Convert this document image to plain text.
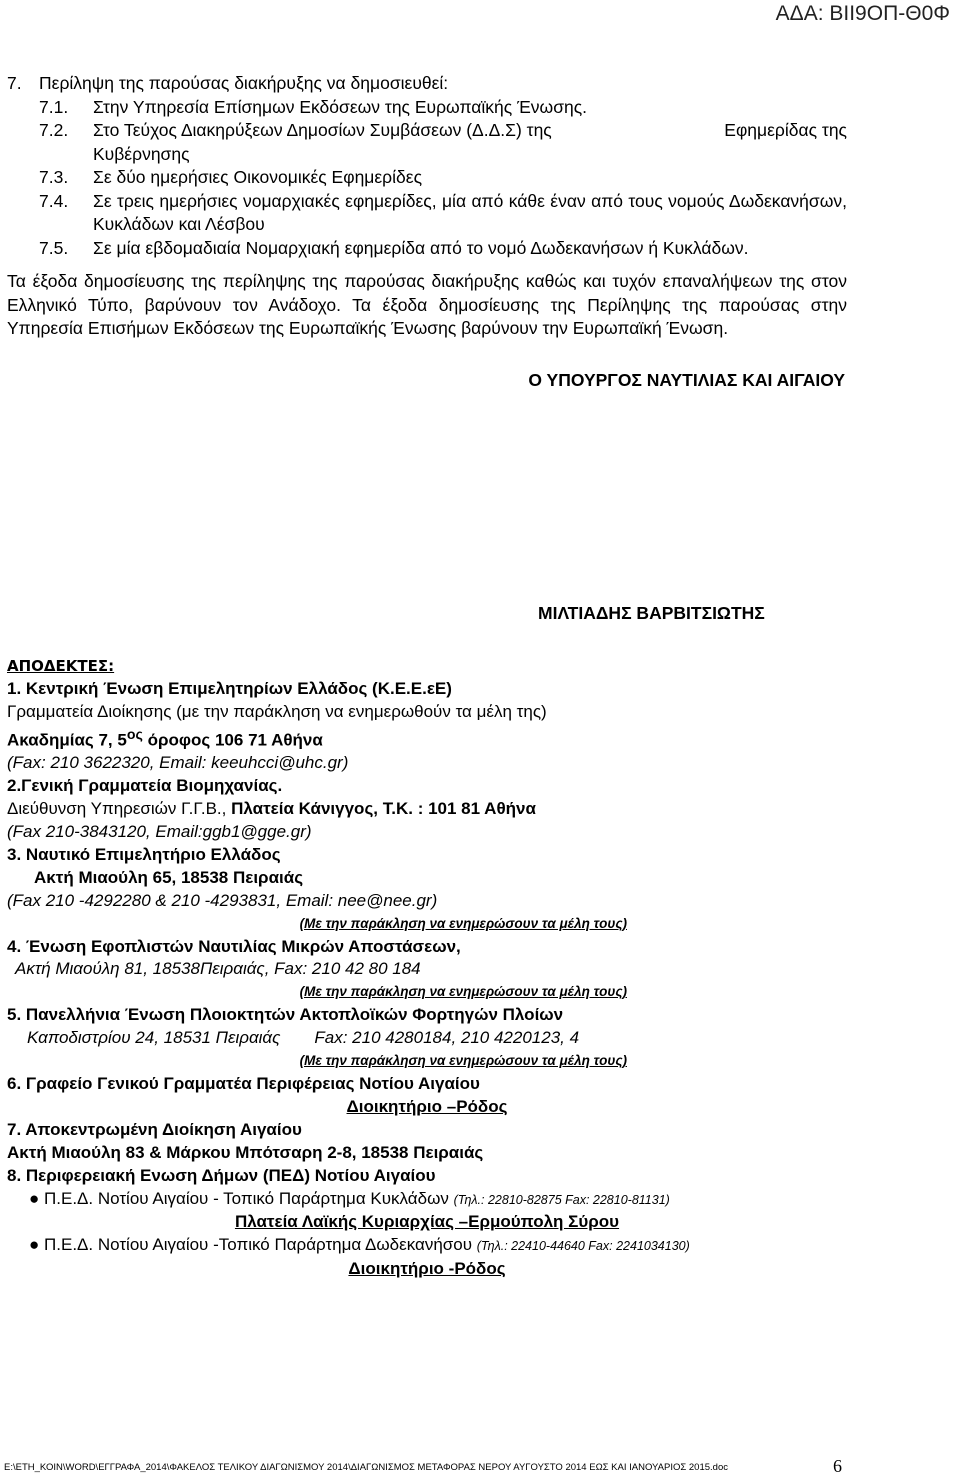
ΑΔΑ: ΒΙΙ9ΟΠ-Θ0Φ
7. Περίληψη της παρούσας διακήρυξης να δημοσιευθεί:
7.1.	Στην Υπηρεσία Επίσημων Εκδόσεων της Ευρωπαϊκής Ένωσης.
7.2.	Στο Τεύχος Διακηρύξεων Δημοσίων Συμβάσεων (Δ.Δ.Σ) της	Εφημερίδας της
Κυβέρνησης
7.3.	Σε δύο ημερήσιες Οικονομικές Εφημερίδες
7.4.	Σε τρεις ημερήσιες νομαρχιακές εφημερίδες, μία από κάθε έναν από τους νομούς Δωδεκανήσων, Κυκλάδων και Λέσβου
7.5.	Σε μία εβδομαδιαία Νομαρχιακή εφημερίδα από το νομό Δωδεκανήσων ή Κυκλάδων.

Τα έξοδα δημοσίευσης της περίληψης της παρούσας διακήρυξης καθώς και τυχόν επαναλήψεων της στον Ελληνικό Τύπο, βαρύνουν τον Ανάδοχο. Τα έξοδα δημοσίευσης της Περίληψης της παρούσας στην Υπηρεσία Επισήμων Εκδόσεων της Ευρωπαϊκής Ένωσης βαρύνουν την Ευρωπαϊκή Ένωση.

Ο ΥΠΟΥΡΓΟΣ ΝΑΥΤΙΛΙΑΣ ΚΑΙ ΑΙΓΑΙΟΥ

ΜΙΛΤΙΑΔΗΣ ΒΑΡΒΙΤΣΙΩΤΗΣ
ΑΠΟΔΕΚΤΕΣ:
1. Κεντρική Ένωση Επιμελητηρίων Ελλάδος (Κ.Ε.Ε.εΕ)
Γραμματεία Διοίκησης (με την παράκληση να ενημερωθούν τα μέλη της)
Ακαδημίας 7, $5^{o\varsigma}$ όροφος 106 71 Αθήνα
(Fax: 210 3622320, Email: keeuhcci@uhc.gr)
2.Γενική Γραμματεία Βιομηχανίας.
Διεύθυνση Υπηρεσιών Γ.Γ.Β., Πλατεία Κάνιγγος, Τ.Κ. : 101 81 Αθήνα
(Fax 210-3843120, Email:ggb1@gge.gr)
3. Ναυτικό Επιμελητήριο Ελλάδος
Ακτή Μιαούλη 65, 18538 Πειραιάς
(Fax 210 -4292280 & 210 -4293831, Email: nee@nee.gr)
(Με την παράκληση να ενημερώσουν τα μέλη τους)
4. Ένωση Εφοπλιστών Ναυτιλίας Μικρών Αποστάσεων,
Ακτή Μιαούλη 81, 18538Πειραιάς, Fax: 210 42 80 184
(Με την παράκληση να ενημερώσουν τα μέλη τους)
5. Πανελλήνια Ένωση Πλοιοκτητών Ακτοπλοϊκών Φορτηγών Πλοίων
Καποδιστρίου 24, 18531 Πειραιάς Fax: 210 4280184, 210 4220123, 4
(Με την παράκληση να ενημερώσουν τα μέλη τους)
6. Γραφείο Γενικού Γραμματέα Περιφέρειας Νοτίου Αιγαίου
Διοικητήριο –Ρόδος
7. Αποκεντρωμένη Διοίκηση Αιγαίου
Ακτή Μιαούλη 83 & Μάρκου Μπότσαρη 2-8, 18538 Πειραιάς
8. Περιφερειακή Ενωση Δήμων (ΠΕΔ) Νοτίου Αιγαίου
● Π.Ε.Δ. Νοτίου Αιγαίου - Τοπικό Παράρτημα Κυκλάδων (Τηλ.: 22810-82875 Fax: 22810-81131)
Πλατεία Λαϊκής Κυριαρχίας –Ερμούπολη Σύρου
● Π.Ε.Δ. Νοτίου Αιγαίου -Τοπικό Παράρτημα Δωδεκανήσου (Τηλ.: 22410-44640 Fax: 2241034130)
Διοικητήριο -Ρόδος
E:\ΕΤΗ_ΚΟΙΝ\WORD\ΕΓΓΡΑΦΑ_2014\ΦΑΚΕΛΟΣ ΤΕΛΙΚΟΥ ΔΙΑΓΩΝΙΣΜΟΥ 2014\ΔΙΑΓΩΝΙΣΜΟΣ ΜΕΤΑΦΟΡΑΣ ΝΕΡΟΥ ΑΥΓΟΥΣΤΟ 2014 ΕΩΣ ΚΑΙ ΙΑΝΟΥΑΡΙΟΣ 2015.doc	6
